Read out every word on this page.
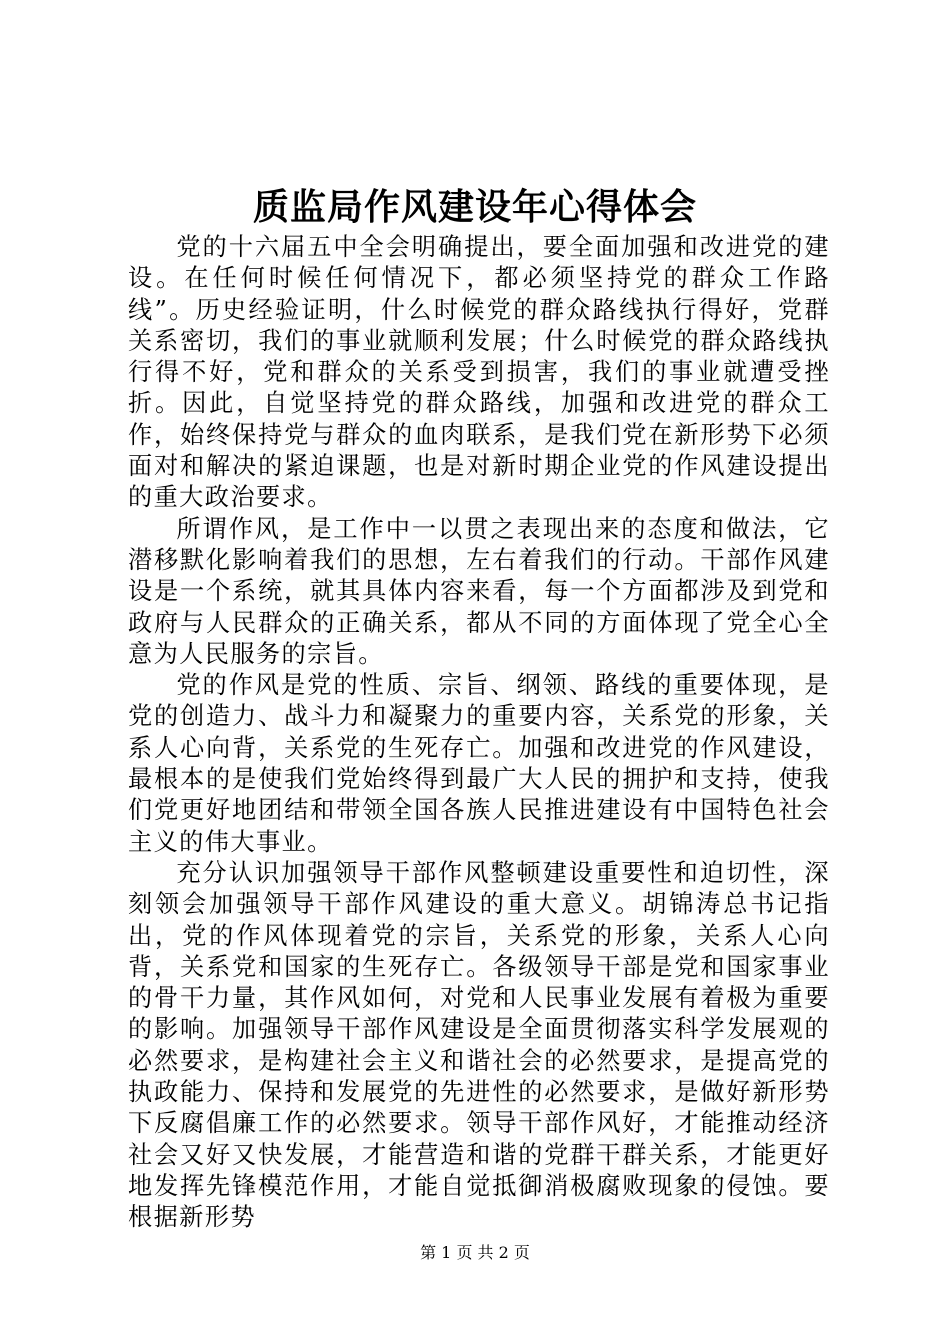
质监局作风建设年心得体会

党的十六届五中全会明确提出，要全面加强和改进党的建设。在任何时候任何情况下，都必须坚持党的群众工作路线”。历史经验证明，什么时候党的群众路线执行得好，党群关系密切，我们的事业就顺利发展；什么时候党的群众路线执行得不好，党和群众的关系受到损害，我们的事业就遭受挫折。因此，自觉坚持党的群众路线，加强和改进党的群众工作，始终保持党与群众的血肉联系，是我们党在新形势下必须面对和解决的紧迫课题，也是对新时期企业党的作风建设提出的重大政治要求。

所谓作风，是工作中一以贯之表现出来的态度和做法，它潜移默化影响着我们的思想，左右着我们的行动。干部作风建设是一个系统，就其具体内容来看，每一个方面都涉及到党和政府与人民群众的正确关系，都从不同的方面体现了党全心全意为人民服务的宗旨。

党的作风是党的性质、宗旨、纲领、路线的重要体现，是党的创造力、战斗力和凝聚力的重要内容，关系党的形象，关系人心向背，关系党的生死存亡。加强和改进党的作风建设，最根本的是使我们党始终得到最广大人民的拥护和支持，使我们党更好地团结和带领全国各族人民推进建设有中国特色社会主义的伟大事业。

充分认识加强领导干部作风整顿建设重要性和迫切性，深刻领会加强领导干部作风建设的重大意义。胡锦涛总书记指出，党的作风体现着党的宗旨，关系党的形象，关系人心向背，关系党和国家的生死存亡。各级领导干部是党和国家事业的骨干力量，其作风如何，对党和人民事业发展有着极为重要的影响。加强领导干部作风建设是全面贯彻落实科学发展观的必然要求，是构建社会主义和谐社会的必然要求，是提高党的执政能力、保持和发展党的先进性的必然要求，是做好新形势下反腐倡廉工作的必然要求。领导干部作风好，才能推动经济社会又好又快发展，才能营造和谐的党群干群关系，才能更好地发挥先锋模范作用，才能自觉抵御消极腐败现象的侵蚀。要根据新形势

第 1 页 共 2 页
